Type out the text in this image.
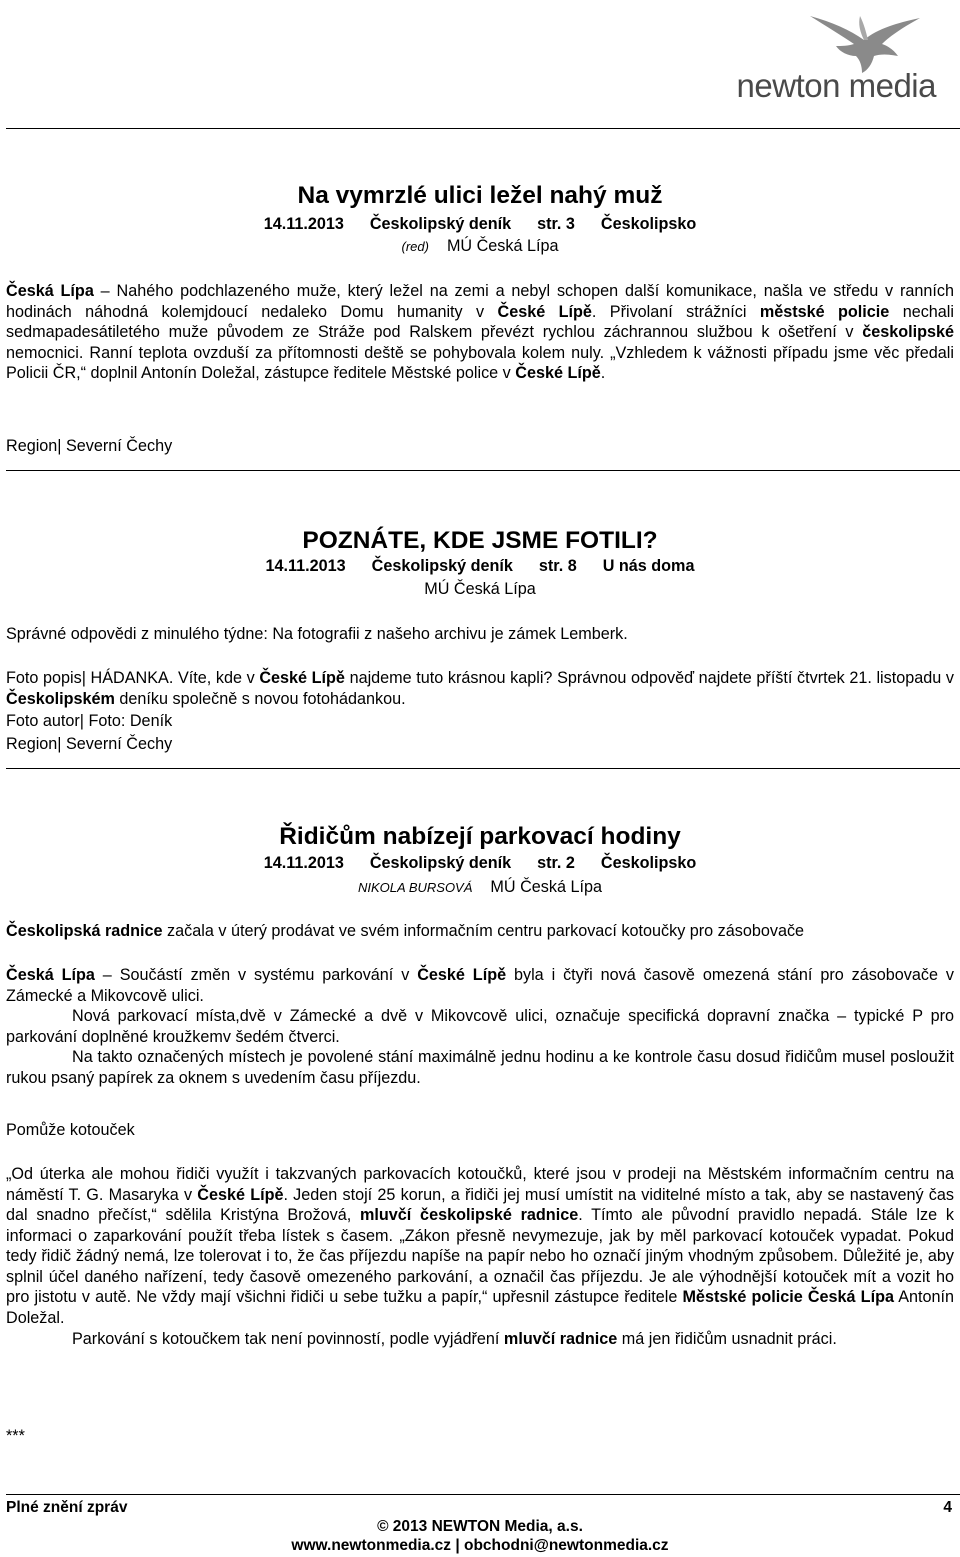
newton media
Na vymrzlé ulici ležel nahý muž
14.11.2013 Českolipský deník str. 3 Českolipsko
(red) MÚ Česká Lípa

Česká Lípa – Nahého podchlazeného muže, který ležel na zemi a nebyl schopen další komunikace, našla ve středu v ranních hodinách náhodná kolemjdoucí nedaleko Domu humanity v České Lípě. Přivolaní strážníci městské policie nechali sedmapadesátiletého muže původem ze Stráže pod Ralskem převézt rychlou záchrannou službou k ošetření v českolipské nemocnici. Ranní teplota ovzduší za přítomnosti deště se pohybovala kolem nuly. „Vzhledem k vážnosti případu jsme věc předali Policii ČR,“ doplnil Antonín Doležal, zástupce ředitele Městské police v České Lípě.

Region| Severní Čechy
POZNÁTE, KDE JSME FOTILI?
14.11.2013 Českolipský deník str. 8 U nás doma
MÚ Česká Lípa
Správné odpovědi z minulého týdne: Na fotografii z našeho archivu je zámek Lemberk.

Foto popis| HÁDANKA. Víte, kde v České Lípě najdeme tuto krásnou kapli? Správnou odpověď najdete příští čtvrtek 21. listopadu v Českolipském deníku společně s novou fotohádankou.

Foto autor| Foto: Deník
Region| Severní Čechy
Řidičům nabízejí parkovací hodiny
14.11.2013 Českolipský deník str. 2 Českolipsko
NIKOLA BURSOVÁ MÚ Česká Lípa

Českolipská radnice začala v úterý prodávat ve svém informačním centru parkovací kotoučky pro zásobovače

Česká Lípa – Součástí změn v systému parkování v České Lípě byla i čtyři nová časově omezená stání pro zásobovače v Zámecké a Mikovcově ulici.

Nová parkovací místa,dvě v Zámecké a dvě v Mikovcově ulici, označuje specifická dopravní značka – typické P pro parkování doplněné kroužkemv šedém čtverci.

Na takto označených místech je povolené stání maximálně jednu hodinu a ke kontrole času dosud řidičům musel posloužit rukou psaný papírek za oknem s uvedením času příjezdu.

Pomůže kotouček

„Od úterka ale mohou řidiči využít i takzvaných parkovacích kotoučků, které jsou v prodeji na Městském informačním centru na náměstí T. G. Masaryka v České Lípě. Jeden stojí 25 korun, a řidiči jej musí umístit na viditelné místo a tak, aby se nastavený čas dal snadno přečíst,“ sdělila Kristýna Brožová, mluvčí českolipské radnice. Tímto ale původní pravidlo nepadá. Stále lze k informaci o zaparkování použít třeba lístek s časem. „Zákon přesně nevymezuje, jak by měl parkovací kotouček vypadat. Pokud tedy řidič žádný nemá, lze tolerovat i to, že čas příjezdu napíše na papír nebo ho označí jiným vhodným způsobem. Důležité je, aby splnil účel daného nařízení, tedy časově omezeného parkování, a označil čas příjezdu. Je ale výhodnější kotouček mít a vozit ho pro jistotu v autě. Ne vždy mají všichni řidiči u sebe tužku a papír,“ upřesnil zástupce ředitele Městské policie Česká Lípa Antonín Doležal.

Parkování s kotoučkem tak není povinností, podle vyjádření mluvčí radnice má jen řidičům usnadnit práci.

***
Plné znění zpráv	4
© 2013 NEWTON Media, a.s.
www.newtonmedia.cz | obchodni@newtonmedia.cz
